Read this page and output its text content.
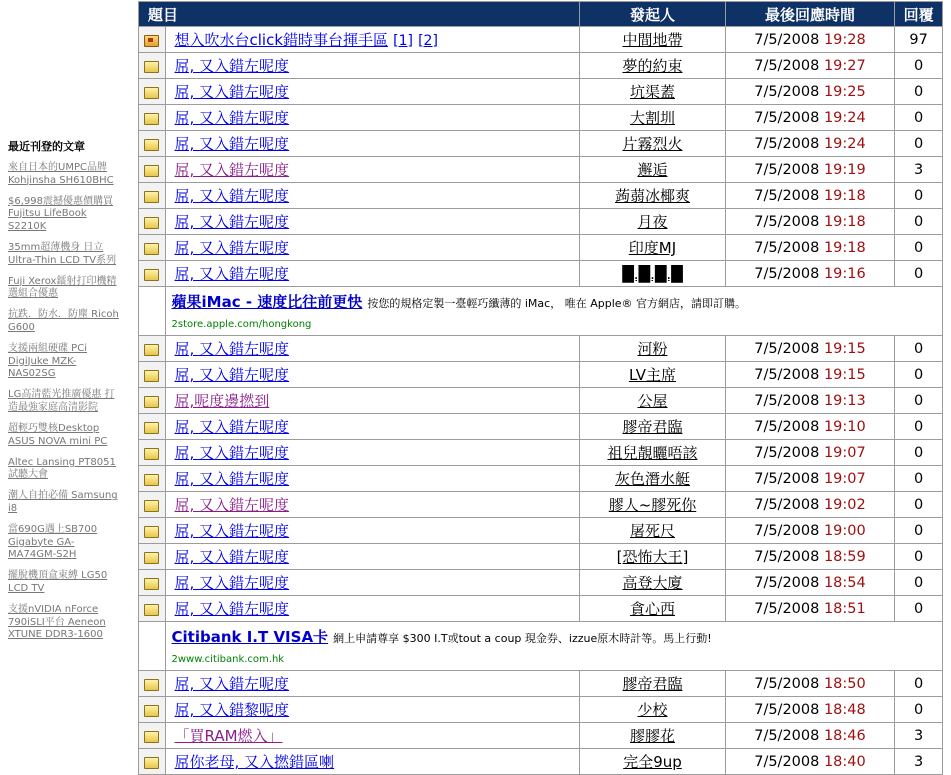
最近刊登的文章
來自日本的UMPC品牌 Kohjinsha SH610BHC
$6,998震撼優惠價購買Fujitsu LifeBook S2210K
35mm超薄機身 日立Ultra-Thin LCD TV系列
Fuji Xerox鐳射打印機精選組合優惠
抗跌．防水．防塵 Ricoh G600
支援兩組硬碟 PCi DigiJuke MZK-NAS02SG
LG高清藍光推廣優惠 打造最強家庭高清影院
超輕巧雙核Desktop ASUS NOVA mini PC
Altec Lansing PT8051 試聽大會
潮人自拍必備 Samsung i8
當690G遇上SB700 Gigabyte GA-MA74GM-S2H
擺脫機頂盒束縛 LG50 LCD TV
支援nVIDIA nForce 790iSLI平台 Aeneon XTUNE DDR3-1600
題目		發起人	最後回應時間	回覆
	想入吹水台click錯時事台揮手區 [1] [2]	中間地帶	7/5/2008 19:28	97
	屌, 又入錯左呢度	夢的約束	7/5/2008 19:27	0
	屌, 又入錯左呢度	坑渠蓋	7/5/2008 19:25	0
	屌, 又入錯左呢度	大割圳	7/5/2008 19:24	0
	屌, 又入錯左呢度	片霧烈火	7/5/2008 19:24	0
	屌, 又入錯左呢度	邂逅	7/5/2008 19:19	3
	屌, 又入錯左呢度	蒟蒻冰椰爽	7/5/2008 19:18	0
	屌, 又入錯左呢度	月夜	7/5/2008 19:18	0
	屌, 又入錯左呢度	印度MJ	7/5/2008 19:18	0
	屌, 又入錯左呢度	█.█.█.█	7/5/2008 19:16	0
	蘋果iMac - 速度比往前更快 按您的規格定製一臺輕巧纖薄的 iMac， 唯在 Apple® 官方網店，請即訂購。
2store.apple.com/hongkong			
	屌, 又入錯左呢度	河粉	7/5/2008 19:15	0
	屌, 又入錯左呢度	LV主席	7/5/2008 19:15	0
	屌,呢度邊撚到	公屋	7/5/2008 19:13	0
	屌, 又入錯左呢度	膠帝君臨	7/5/2008 19:10	0
	屌, 又入錯左呢度	祖兒靚曬唔該	7/5/2008 19:07	0
	屌, 又入錯左呢度	灰色潛水艇	7/5/2008 19:07	0
	屌, 又入錯左呢度	膠人~膠死你	7/5/2008 19:02	0
	屌, 又入錯左呢度	屠死尺	7/5/2008 19:00	0
	屌, 又入錯左呢度	[恐怖大王]	7/5/2008 18:59	0
	屌, 又入錯左呢度	高登大廈	7/5/2008 18:54	0
	屌, 又入錯左呢度	貪心西	7/5/2008 18:51	0
	Citibank I.T VISA卡 網上申請尊享 $300 I.T或tout a coup 現金券、izzue原木時計等。馬上行動!
2www.citibank.com.hk			
	屌, 又入錯左呢度	膠帝君臨	7/5/2008 18:50	0
	屌, 又入錯黎呢度	少校	7/5/2008 18:48	0
	「買RAM燃入」	膠膠花	7/5/2008 18:46	3
	屌你老母, 又入撚錯區喇	完全9up	7/5/2008 18:40	3
